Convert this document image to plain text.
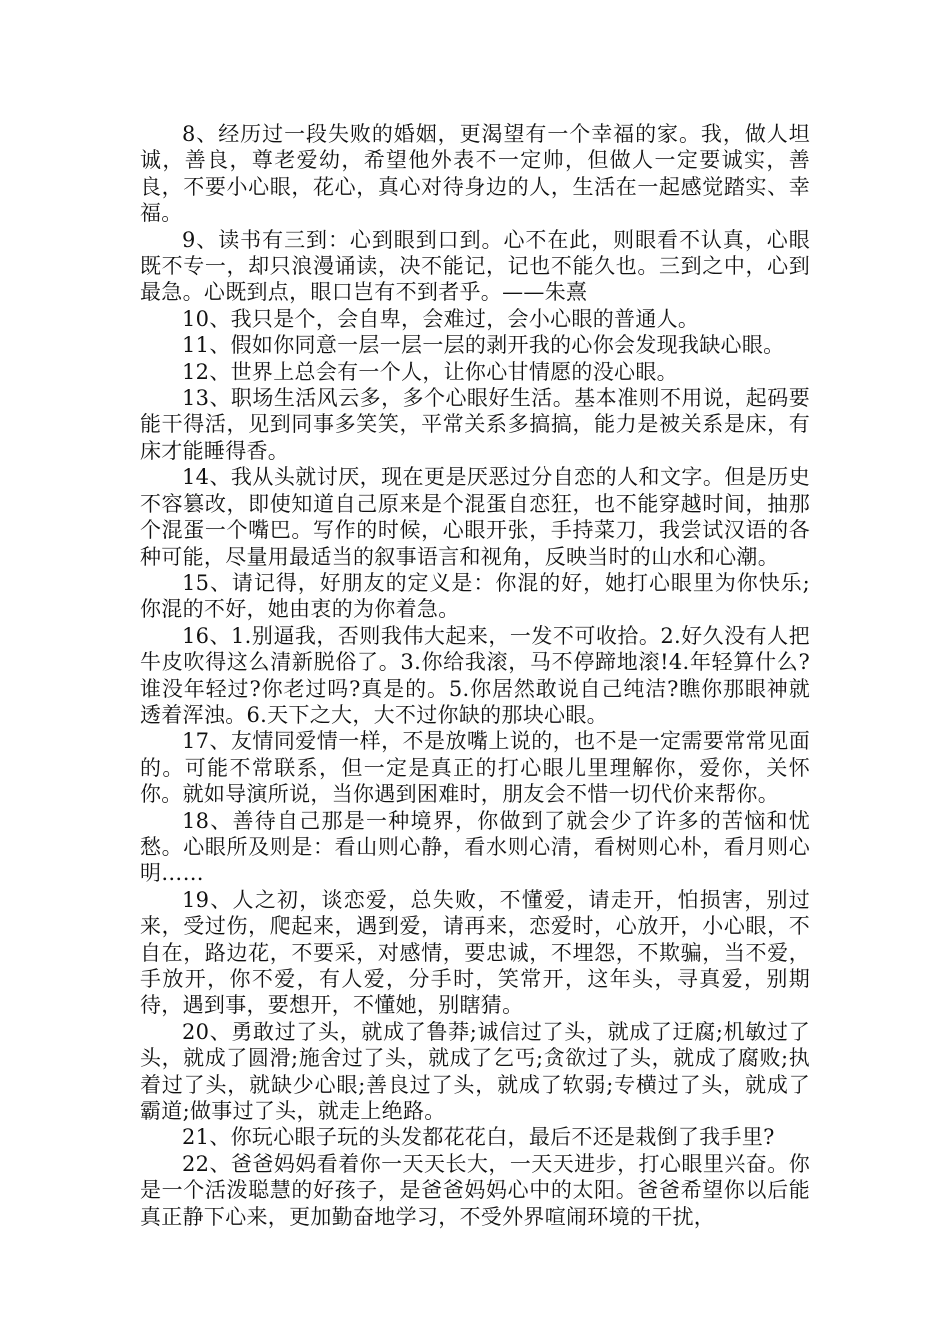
8、经历过一段失败的婚姻，更渴望有一个幸福的家。我，做人坦诚，善良，尊老爱幼，希望他外表不一定帅，但做人一定要诚实，善良，不要小心眼，花心，真心对待身边的人，生活在一起感觉踏实、幸福。

9、读书有三到：心到眼到口到。心不在此，则眼看不认真，心眼既不专一，却只浪漫诵读，决不能记，记也不能久也。三到之中，心到最急。心既到点，眼口岂有不到者乎。——朱熹

10、我只是个，会自卑，会难过，会小心眼的普通人。

11、假如你同意一层一层一层的剥开我的心你会发现我缺心眼。

12、世界上总会有一个人，让你心甘情愿的没心眼。

13、职场生活风云多，多个心眼好生活。基本准则不用说，起码要能干得活，见到同事多笑笑，平常关系多搞搞，能力是被关系是床，有床才能睡得香。

14、我从头就讨厌，现在更是厌恶过分自恋的人和文字。但是历史不容篡改，即使知道自己原来是个混蛋自恋狂，也不能穿越时间，抽那个混蛋一个嘴巴。写作的时候，心眼开张，手持菜刀，我尝试汉语的各种可能，尽量用最适当的叙事语言和视角，反映当时的山水和心潮。

15、请记得，好朋友的定义是：你混的好，她打心眼里为你快乐;你混的不好，她由衷的为你着急。

16、1.别逼我，否则我伟大起来，一发不可收拾。2.好久没有人把牛皮吹得这么清新脱俗了。3.你给我滚，马不停蹄地滚!4.年轻算什么?谁没年轻过?你老过吗?真是的。5.你居然敢说自己纯洁?瞧你那眼神就透着浑浊。6.天下之大，大不过你缺的那块心眼。

17、友情同爱情一样，不是放嘴上说的，也不是一定需要常常见面的。可能不常联系，但一定是真正的打心眼儿里理解你，爱你，关怀你。就如导演所说，当你遇到困难时，朋友会不惜一切代价来帮你。

18、善待自己那是一种境界，你做到了就会少了许多的苦恼和忧愁。心眼所及则是：看山则心静，看水则心清，看树则心朴，看月则心明……

19、人之初，谈恋爱，总失败，不懂爱，请走开，怕损害，别过来，受过伤，爬起来，遇到爱，请再来，恋爱时，心放开，小心眼，不自在，路边花，不要采，对感情，要忠诚，不埋怨，不欺骗，当不爱，手放开，你不爱，有人爱，分手时，笑常开，这年头，寻真爱，别期待，遇到事，要想开，不懂她，别瞎猜。

20、勇敢过了头，就成了鲁莽;诚信过了头，就成了迂腐;机敏过了头，就成了圆滑;施舍过了头，就成了乞丐;贪欲过了头，就成了腐败;执着过了头，就缺少心眼;善良过了头，就成了软弱;专横过了头，就成了霸道;做事过了头，就走上绝路。

21、你玩心眼子玩的头发都花花白，最后不还是栽倒了我手里?

22、爸爸妈妈看着你一天天长大，一天天进步，打心眼里兴奋。你是一个活泼聪慧的好孩子，是爸爸妈妈心中的太阳。爸爸希望你以后能真正静下心来，更加勤奋地学习，不受外界喧闹环境的干扰，
